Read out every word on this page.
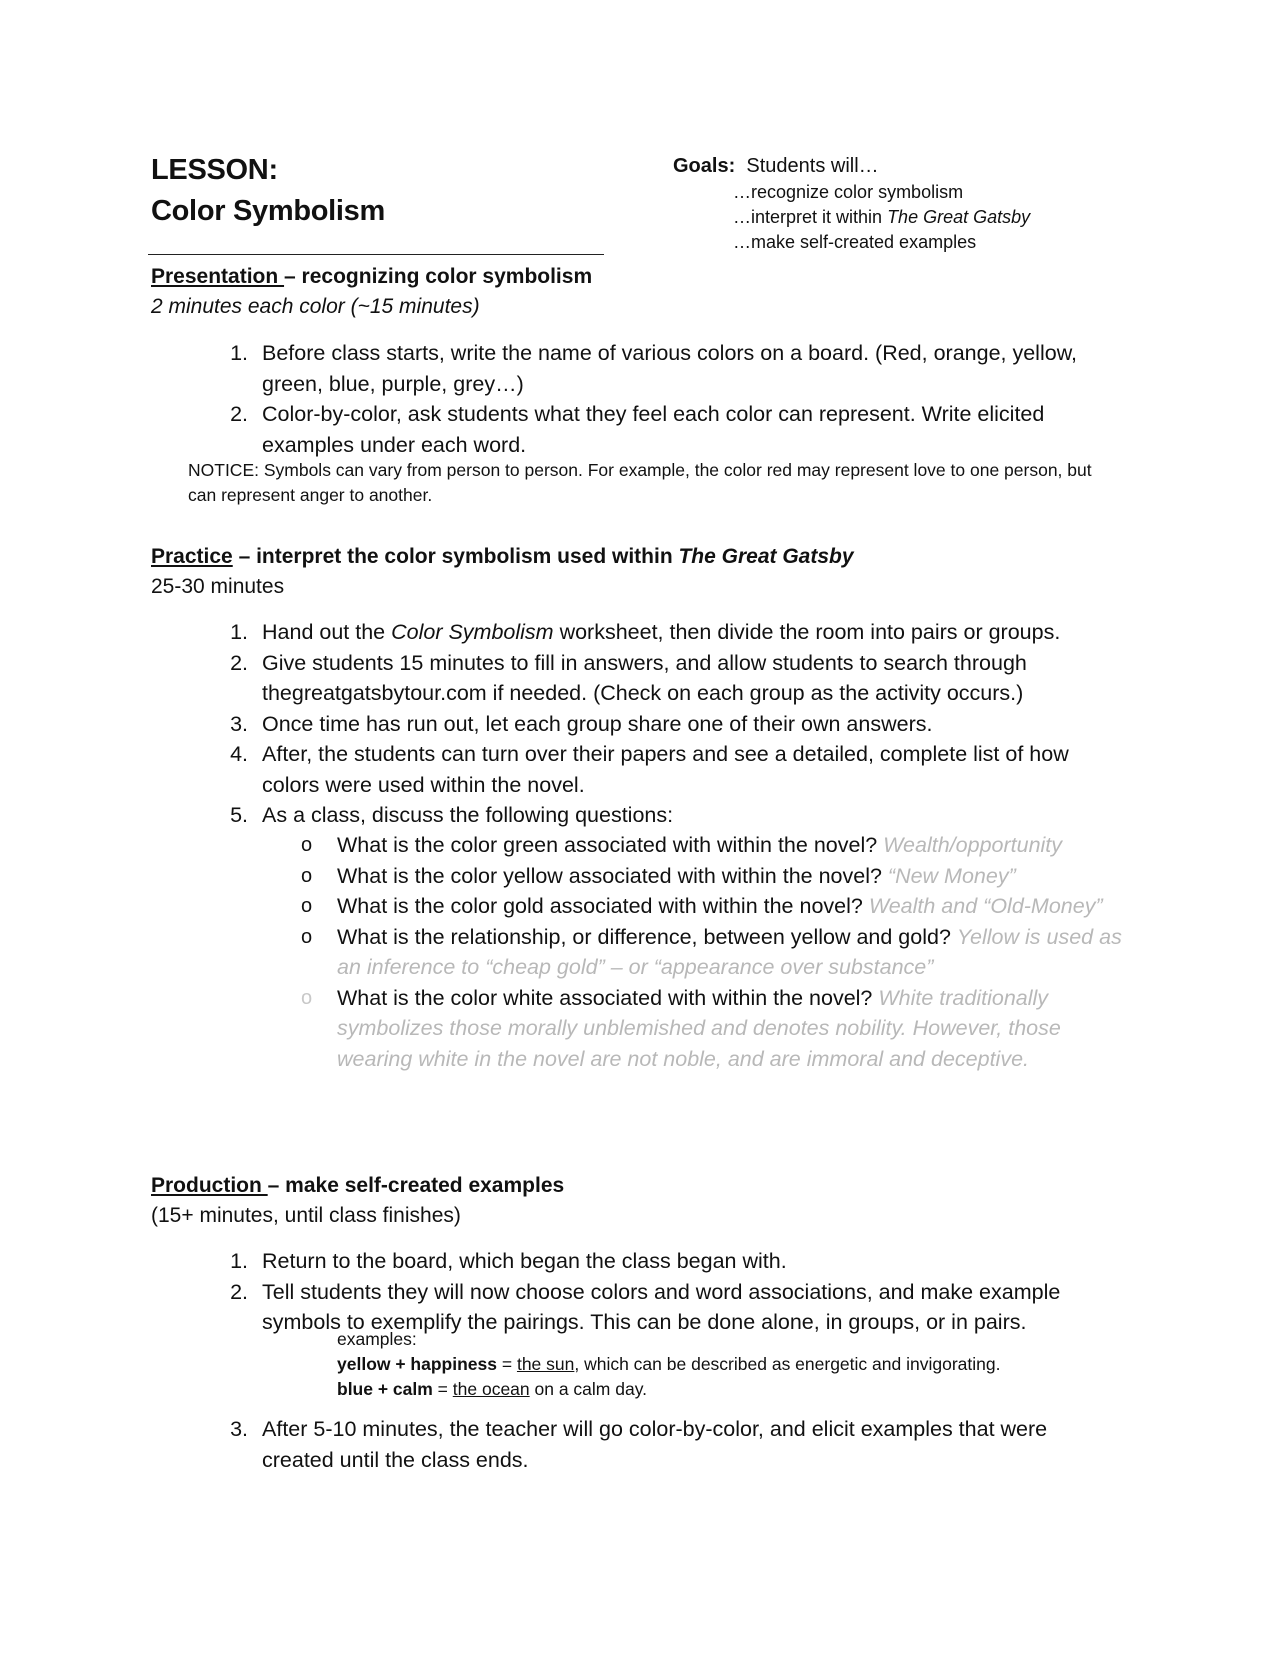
LESSON:
Color Symbolism
Goals: Students will…
…recognize color symbolism
…interpret it within The Great Gatsby
…make self-created examples
Presentation – recognizing color symbolism
2 minutes each color (~15 minutes)
1. Before class starts, write the name of various colors on a board. (Red, orange, yellow, green, blue, purple, grey…)
2. Color-by-color, ask students what they feel each color can represent. Write elicited examples under each word.
NOTICE: Symbols can vary from person to person. For example, the color red may represent love to one person, but can represent anger to another.
Practice – interpret the color symbolism used within The Great Gatsby
25-30 minutes
1. Hand out the Color Symbolism worksheet, then divide the room into pairs or groups.
2. Give students 15 minutes to fill in answers, and allow students to search through thegreatgatsbytour.com if needed. (Check on each group as the activity occurs.)
3. Once time has run out, let each group share one of their own answers.
4. After, the students can turn over their papers and see a detailed, complete list of how colors were used within the novel.
5. As a class, discuss the following questions:
o What is the color green associated with within the novel? Wealth/opportunity
o What is the color yellow associated with within the novel? “New Money”
o What is the color gold associated with within the novel? Wealth and “Old-Money”
o What is the relationship, or difference, between yellow and gold? Yellow is used as an inference to “cheap gold” – or “appearance over substance”
o What is the color white associated with within the novel? White traditionally symbolizes those morally unblemished and denotes nobility. However, those wearing white in the novel are not noble, and are immoral and deceptive.
Production – make self-created examples
(15+ minutes, until class finishes)
1. Return to the board, which began the class began with.
2. Tell students they will now choose colors and word associations, and make example symbols to exemplify the pairings. This can be done alone, in groups, or in pairs.
examples:
yellow + happiness = the sun, which can be described as energetic and invigorating.
blue + calm = the ocean on a calm day.
3. After 5-10 minutes, the teacher will go color-by-color, and elicit examples that were created until the class ends.
